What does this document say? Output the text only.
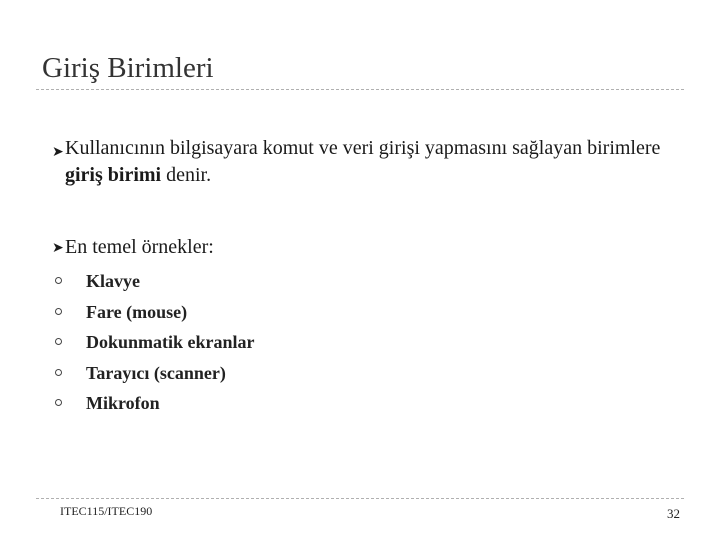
Giriş Birimleri
➤ Kullanıcının bilgisayara komut ve veri girişi yapmasını sağlayan birimlere giriş birimi denir.
➤ En temel örnekler:
Klavye
Fare (mouse)
Dokunmatik ekranlar
Tarayıcı (scanner)
Mikrofon
ITEC115/ITEC190	32
